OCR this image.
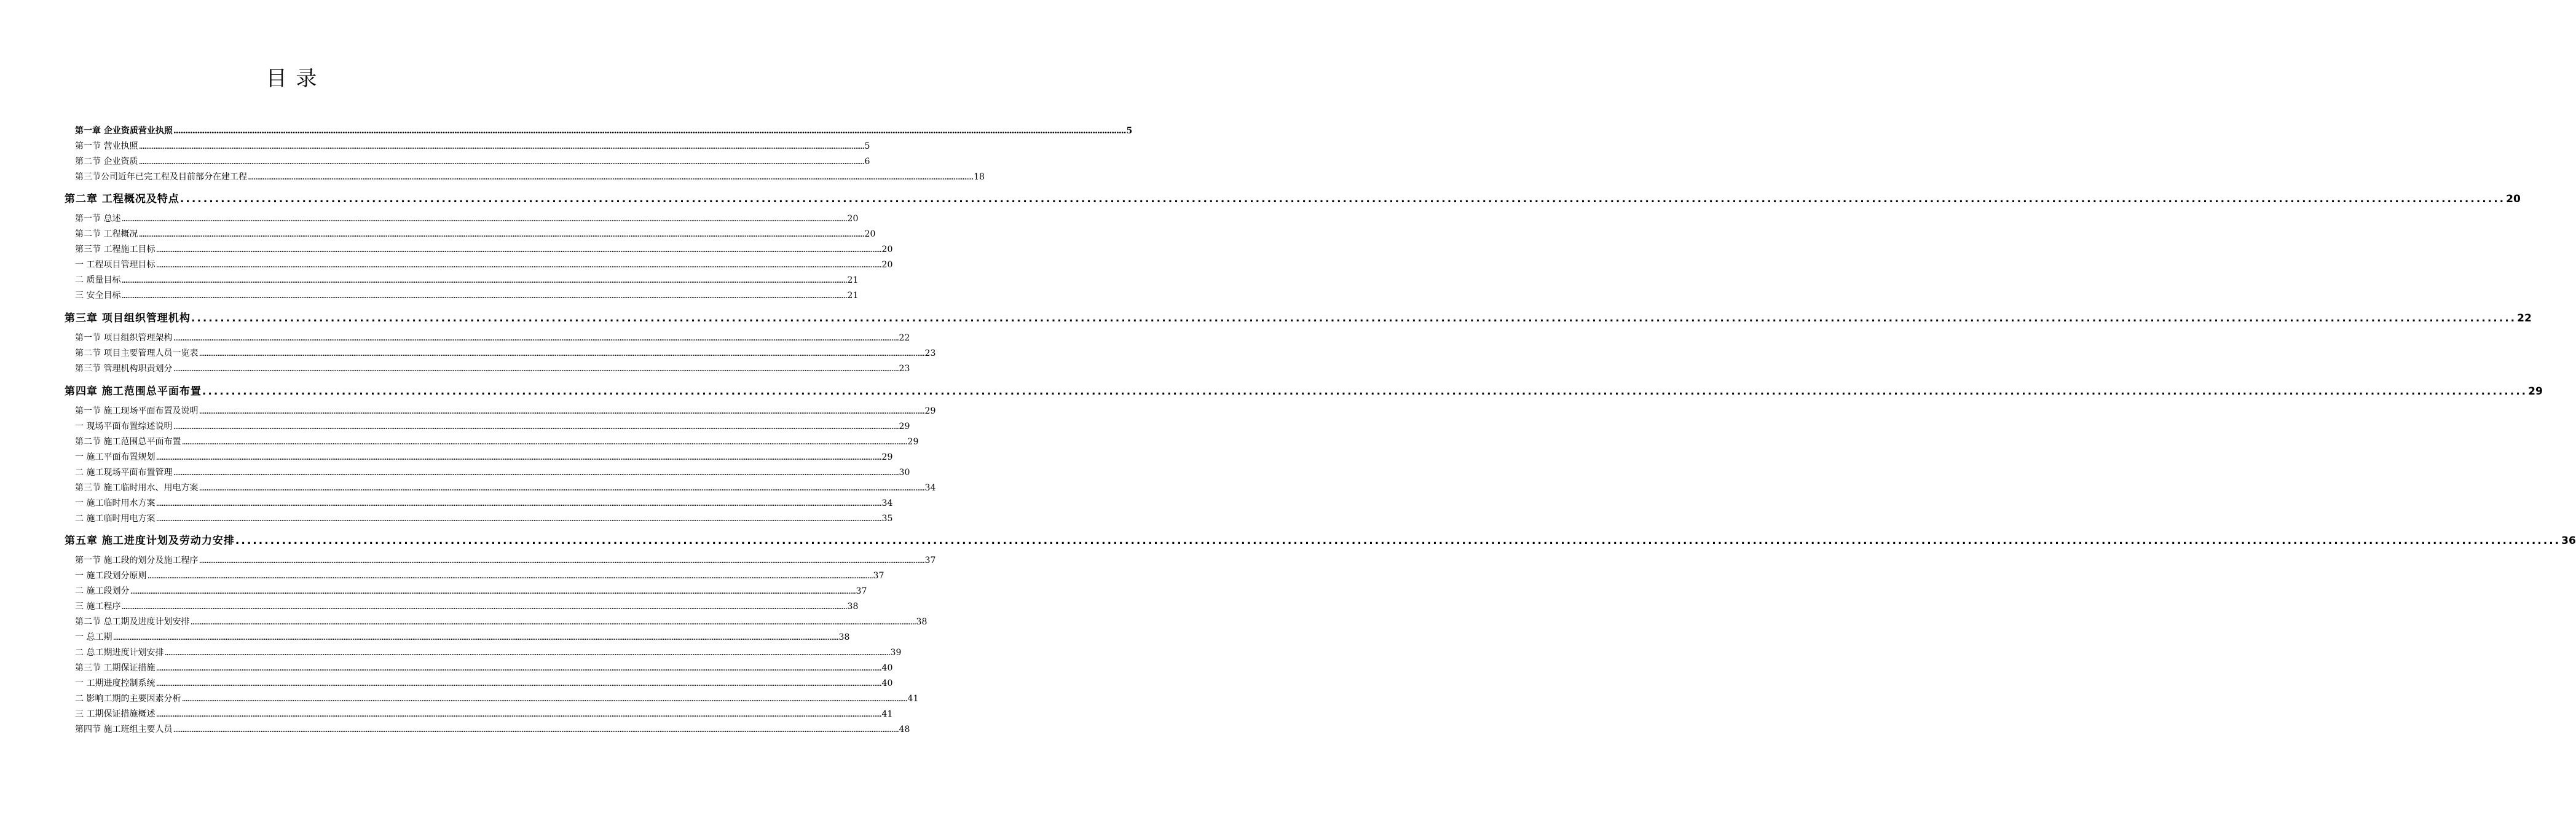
目 录
第一章 企业资质营业执照 ................................................................................................................................................................................................................................................................................................................................................................................................................ 5
第一节 营业执照 ................................................................................................................................................................................................................................................................................................................................................................................................................ 5
第二节 企业资质 ................................................................................................................................................................................................................................................................................................................................................................................................................ 6
第三节公司近年已完工程及目前部分在建工程 ................................................................................................................................................................................................................................................................................................................................................................................................................ 18
第二章 工程概况及特点 ................................................................................................................................................................................................................................................................................................................................................................................................................ 20
第一节 总述 ................................................................................................................................................................................................................................................................................................................................................................................................................ 20
第二节 工程概况 ................................................................................................................................................................................................................................................................................................................................................................................................................ 20
第三节 工程施工目标 ................................................................................................................................................................................................................................................................................................................................................................................................................ 20
一 工程项目管理目标 ................................................................................................................................................................................................................................................................................................................................................................................................................ 20
二 质量目标 ................................................................................................................................................................................................................................................................................................................................................................................................................ 21
三 安全目标 ................................................................................................................................................................................................................................................................................................................................................................................................................ 21
第三章 项目组织管理机构 ................................................................................................................................................................................................................................................................................................................................................................................................................ 22
第一节 项目组织管理架构 ................................................................................................................................................................................................................................................................................................................................................................................................................ 22
第二节 项目主要管理人员一览表 ................................................................................................................................................................................................................................................................................................................................................................................................................ 23
第三节 管理机构职责划分 ................................................................................................................................................................................................................................................................................................................................................................................................................ 23
第四章 施工范围总平面布置 ................................................................................................................................................................................................................................................................................................................................................................................................................ 29
第一节 施工现场平面布置及说明 ................................................................................................................................................................................................................................................................................................................................................................................................................ 29
一 现场平面布置综述说明 ................................................................................................................................................................................................................................................................................................................................................................................................................ 29
第二节 施工范围总平面布置 ................................................................................................................................................................................................................................................................................................................................................................................................................ 29
一 施工平面布置规划 ................................................................................................................................................................................................................................................................................................................................................................................................................ 29
二 施工现场平面布置管理 ................................................................................................................................................................................................................................................................................................................................................................................................................ 30
第三节 施工临时用水、用电方案 ................................................................................................................................................................................................................................................................................................................................................................................................................ 34
一 施工临时用水方案 ................................................................................................................................................................................................................................................................................................................................................................................................................ 34
二 施工临时用电方案 ................................................................................................................................................................................................................................................................................................................................................................................................................ 35
第五章 施工进度计划及劳动力安排 ................................................................................................................................................................................................................................................................................................................................................................................................................ 36
第一节 施工段的划分及施工程序 ................................................................................................................................................................................................................................................................................................................................................................................................................ 37
一 施工段划分原则 ................................................................................................................................................................................................................................................................................................................................................................................................................ 37
二 施工段划分 ................................................................................................................................................................................................................................................................................................................................................................................................................ 37
三 施工程序 ................................................................................................................................................................................................................................................................................................................................................................................................................ 38
第二节 总工期及进度计划安排 ................................................................................................................................................................................................................................................................................................................................................................................................................ 38
一 总工期 ................................................................................................................................................................................................................................................................................................................................................................................................................ 38
二 总工期进度计划安排 ................................................................................................................................................................................................................................................................................................................................................................................................................ 39
第三节 工期保证措施 ................................................................................................................................................................................................................................................................................................................................................................................................................ 40
一 工期进度控制系统 ................................................................................................................................................................................................................................................................................................................................................................................................................ 40
二 影响工期的主要因素分析 ................................................................................................................................................................................................................................................................................................................................................................................................................ 41
三 工期保证措施概述 ................................................................................................................................................................................................................................................................................................................................................................................................................ 41
第四节 施工班组主要人员 ................................................................................................................................................................................................................................................................................................................................................................................................................ 48
